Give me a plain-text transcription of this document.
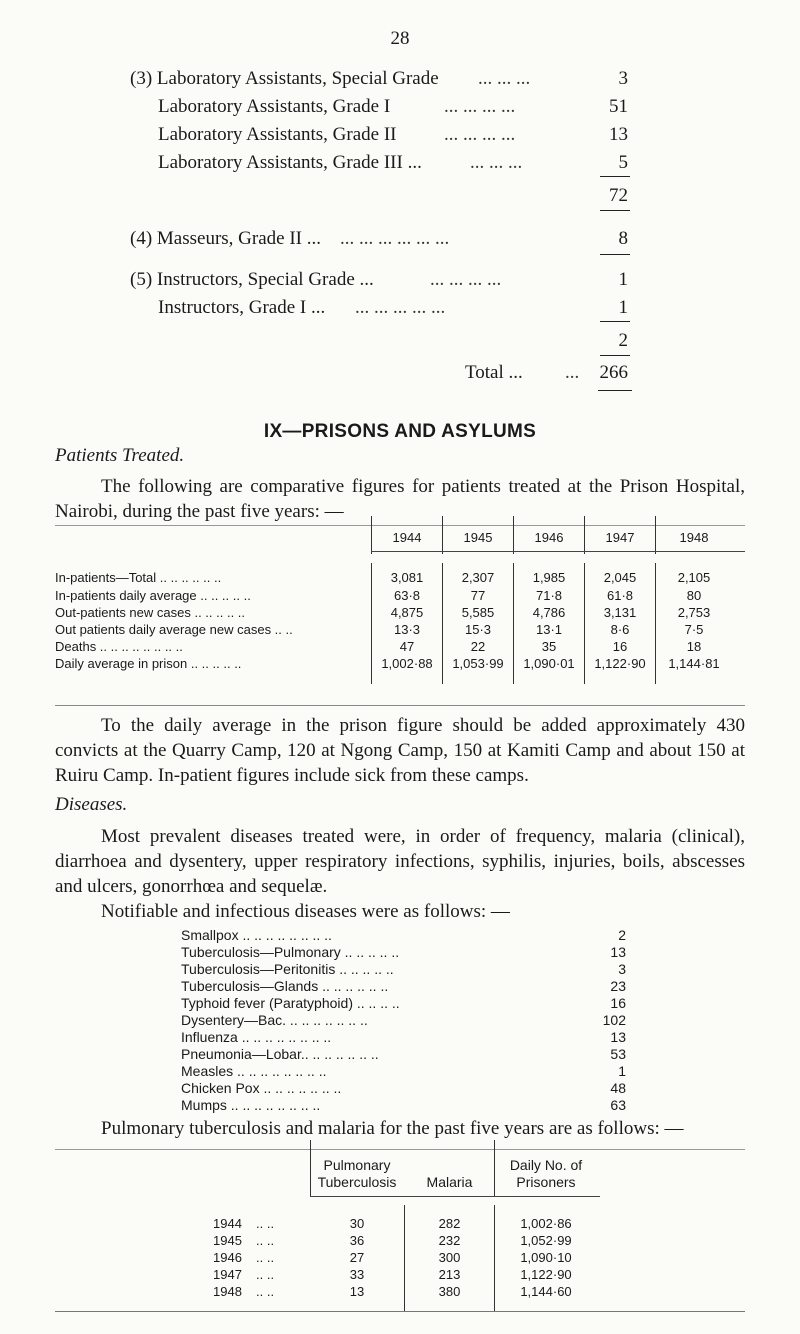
28
(3) Laboratory Assistants, Special Grade ... ... ...	3
Laboratory Assistants, Grade I	... ... ... ...	51
Laboratory Assistants, Grade II	... ... ... ...	13
Laboratory Assistants, Grade III ...	... ... ...	5
72
(4) Masseurs, Grade II ... ... ... ... ... ... ...	8
(5) Instructors, Special Grade ...	... ... ... ...	1
Instructors, Grade I ... ... ... ... ... ...	1
2
Total ... ...	266
IX—PRISONS AND ASYLUMS
Patients Treated.
The following are comparative figures for patients treated at the Prison Hospital, Nairobi, during the past five years: —
1944	1945	1946	1947	1948
In-patients—Total .. .. .. .. .. ..	3,081	2,307	1,985	2,045	2,105
In-patients daily average .. .. .. .. ..	63·8	77	71·8	61·8	80
Out-patients new cases .. .. .. .. ..	4,875	5,585	4,786	3,131	2,753
Out patients daily average new cases .. ..	13·3	15·3	13·1	8·6	7·5
Deaths .. .. .. .. .. .. .. ..	47	22	35	16	18
Daily average in prison .. .. .. .. ..	1,002·88	1,053·99	1,090·01	1,122·90	1,144·81
To the daily average in the prison figure should be added approximately 430 convicts at the Quarry Camp, 120 at Ngong Camp, 150 at Kamiti Camp and about 150 at Ruiru Camp. In-patient figures include sick from these camps.
Diseases.
Most prevalent diseases treated were, in order of frequency, malaria (clinical), diarrhoea and dysentery, upper respiratory infections, syphilis, injuries, boils, abscesses and ulcers, gonorrhœa and sequelæ.
Notifiable and infectious diseases were as follows: —
Smallpox .. .. .. .. .. .. .. ..	2
Tuberculosis—Pulmonary .. .. .. .. ..	13
Tuberculosis—Peritonitis .. .. .. .. ..	3
Tuberculosis—Glands .. .. .. .. .. ..	23
Typhoid fever (Paratyphoid) .. .. .. ..	16
Dysentery—Bac. .. .. .. .. .. .. ..	102
Influenza .. .. .. .. .. .. .. ..	13
Pneumonia—Lobar.. .. .. .. .. .. ..	53
Measles .. .. .. .. .. .. .. ..	1
Chicken Pox .. .. .. .. .. .. ..	48
Mumps .. .. .. .. .. .. .. ..	63
Pulmonary tuberculosis and malaria for the past five years are as follows: —
Pulmonary
Tuberculosis	Malaria
Daily No. of
Prisoners
1944 .. ..	30	282	1,002·86
1945 .. ..	36	232	1,052·99
1946 .. ..	27	300	1,090·10
1947 .. ..	33	213	1,122·90
1948 .. ..	13	380	1,144·60
